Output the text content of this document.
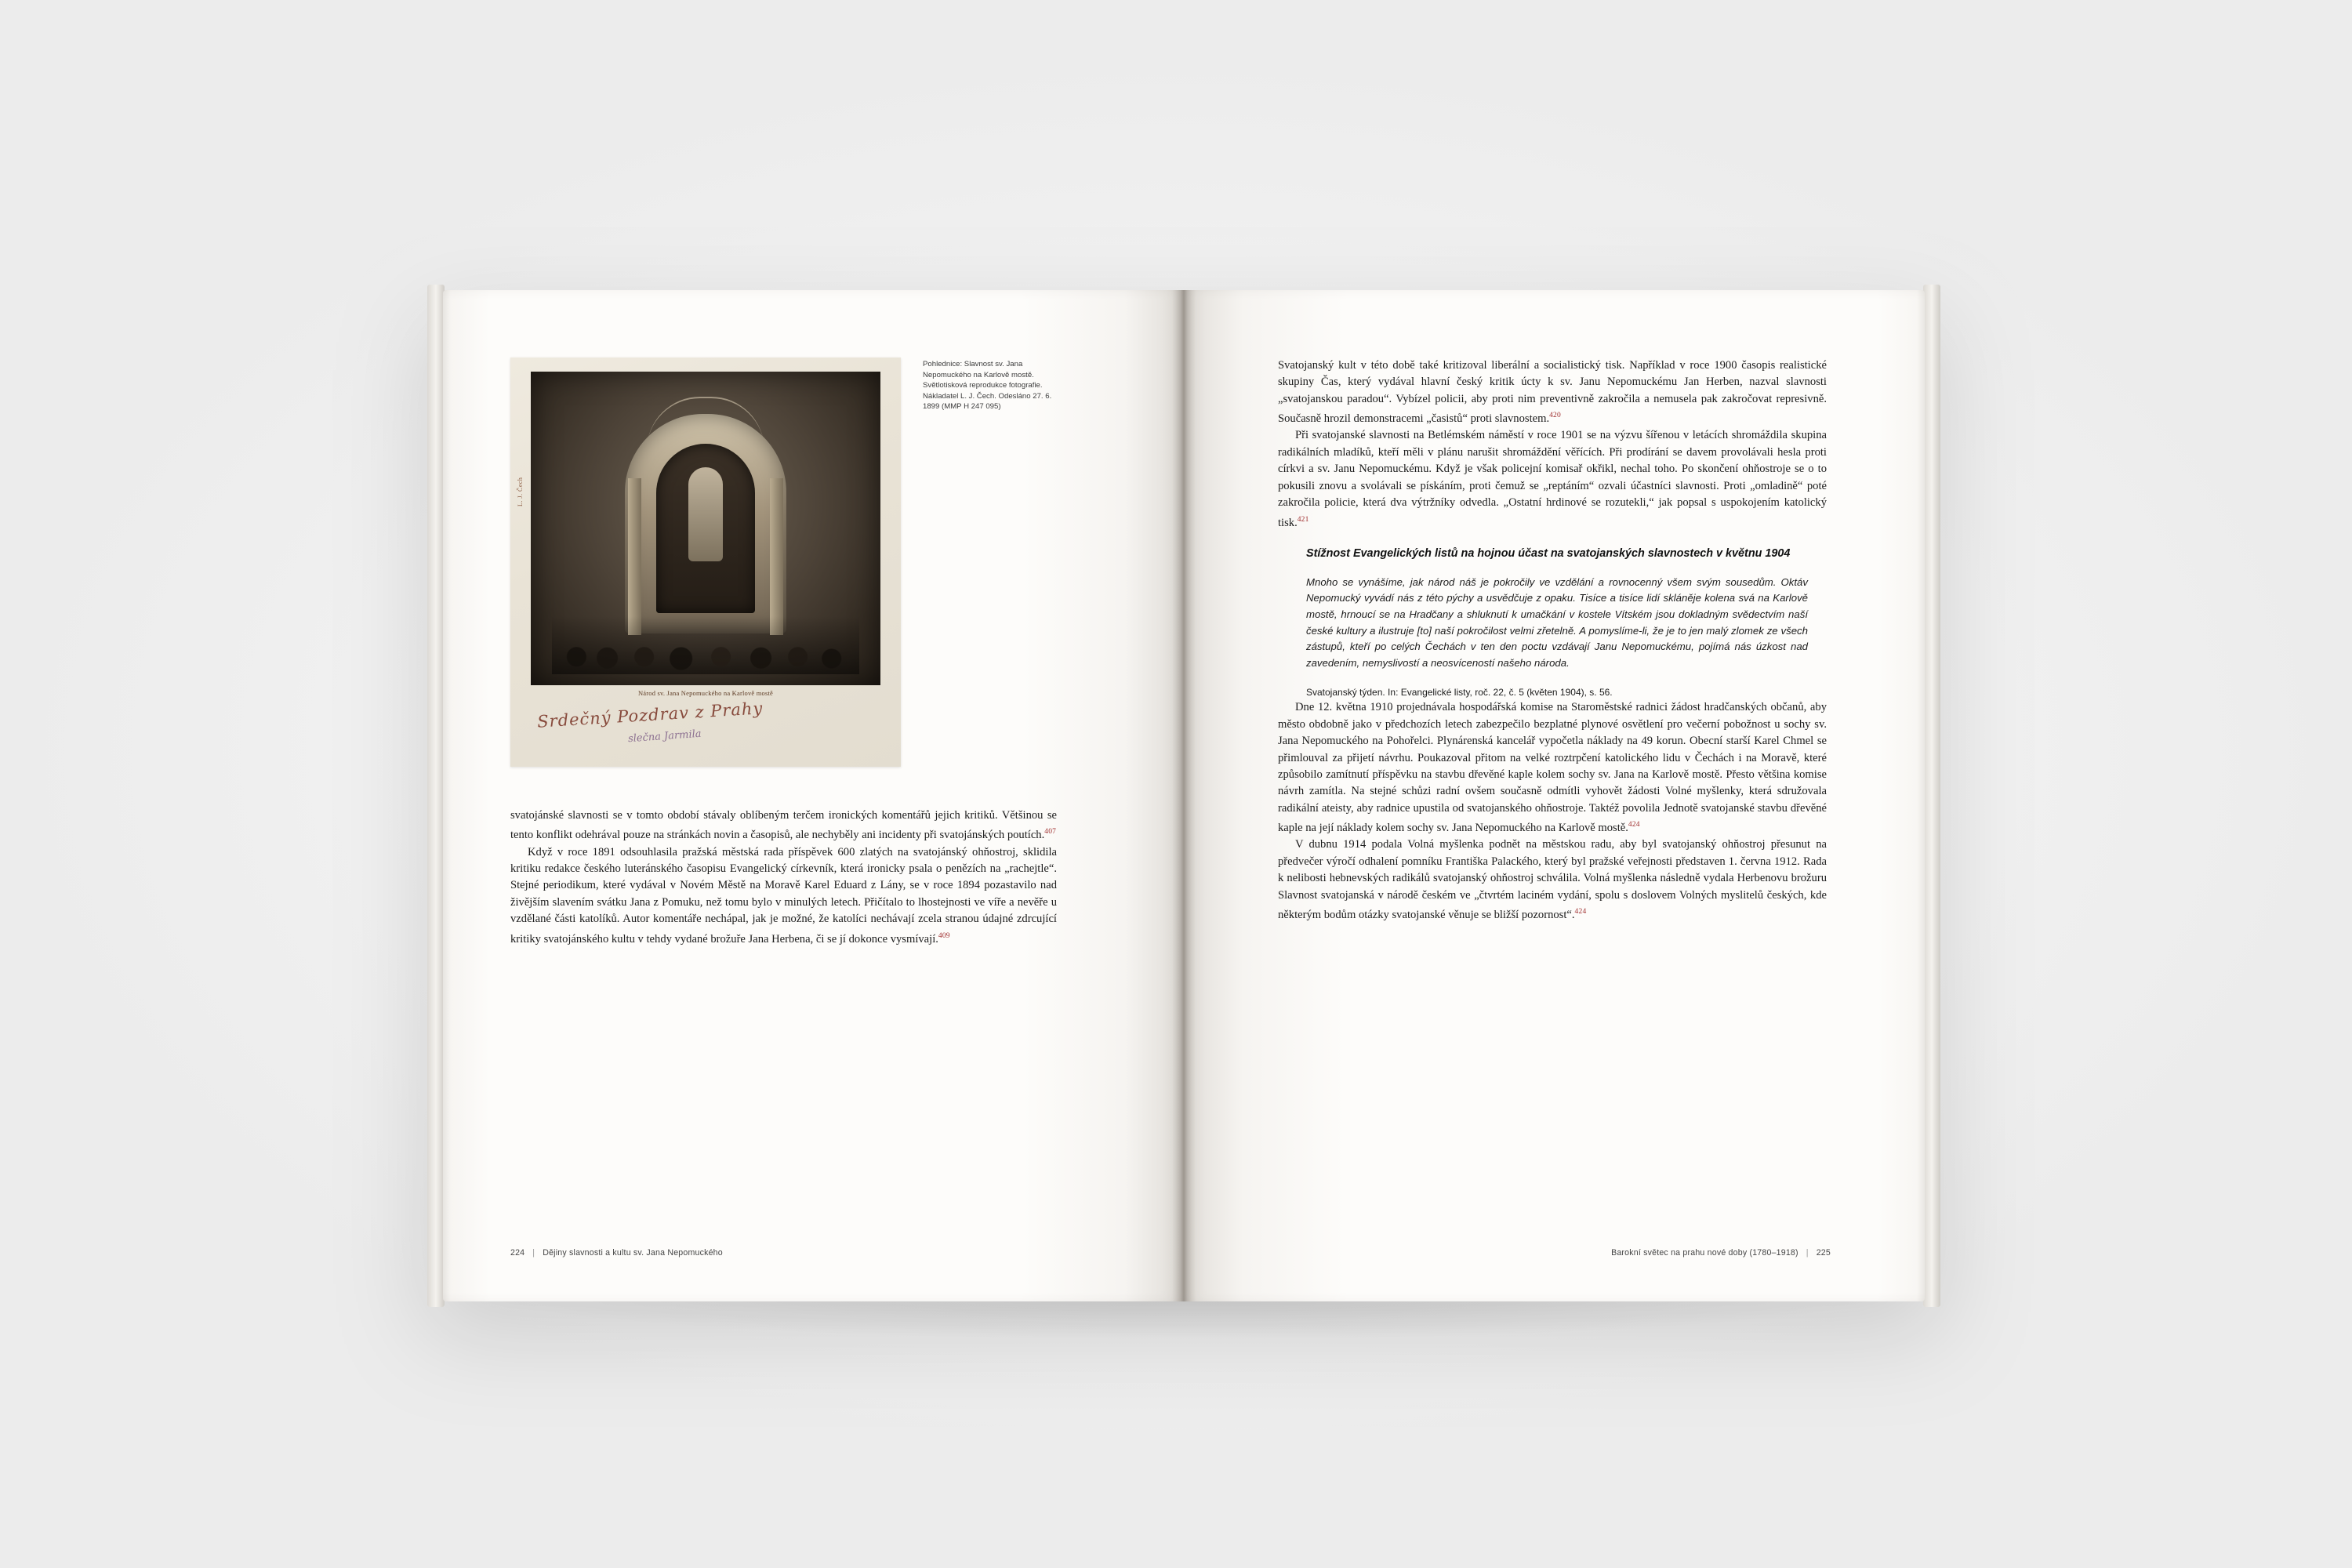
Národ sv. Jana Nepomuckého na Karlově mostě
Srdečný Pozdrav z Prahy
slečna Jarmila
L. J. Čech
Pohlednice: Slavnost sv. Jana Nepomuckého na Karlově mostě. Světlotisková reprodukce fotografie. Nákladatel L. J. Čech. Odesláno 27. 6. 1899 (MMP H 247 095)

svatojánské slavnosti se v tomto období stávaly oblíbeným terčem ironických komentářů jejich kritiků. Většinou se tento konflikt odehrával pouze na stránkách novin a časopisů, ale nechyběly ani incidenty při svatojánských poutích.$^{407}$

Když v roce 1891 odsouhlasila pražská městská rada příspěvek 600 zlatých na svatojánský ohňostroj, sklidila kritiku redakce českého luteránského časopisu Evangelický církevník, která ironicky psala o penězích na „rachejtle“. Stejné periodikum, které vydával v Novém Městě na Moravě Karel Eduard z Lány, se v roce 1894 pozastavilo nad živějším slavením svátku Jana z Pomuku, než tomu bylo v minulých letech. Přičítalo to lhostejnosti ve víře a nevěře u vzdělané části katolíků. Autor komentáře nechápal, jak je možné, že katolíci nechávají zcela stranou údajné zdrcující kritiky svatojánského kultu v tehdy vydané brožuře Jana Herbena, či se jí dokonce vysmívají.$^{409}$

224 | Dějiny slavnosti a kultu sv. Jana Nepomuckého

Svatojanský kult v této době také kritizoval liberální a socialistický tisk. Například v roce 1900 časopis realistické skupiny Čas, který vydával hlavní český kritik úcty k sv. Janu Nepomuckému Jan Herben, nazval slavnosti „svatojanskou paradou“. Vybízel policii, aby proti nim preventivně zakročila a nemusela pak zakročovat represivně. Současně hrozil demonstracemi „časistů“ proti slavnostem.$^{420}$

Při svatojanské slavnosti na Betlémském náměstí v roce 1901 se na výzvu šířenou v letácích shromáždila skupina radikálních mladíků, kteří měli v plánu narušit shromáždění věřících. Při prodírání se davem provolávali hesla proti církvi a sv. Janu Nepomuckému. Když je však policejní komisař okřikl, nechal toho. Po skončení ohňostroje se o to pokusili znovu a svolávali se pískáním, proti čemuž se „reptáním“ ozvali účastníci slavnosti. Proti „omladině“ poté zakročila policie, která dva výtržníky odvedla. „Ostatní hrdinové se rozutekli,“ jak popsal s uspokojením katolický tisk.$^{421}$

Stížnost Evangelických listů na hojnou účast na svatojanských slavnostech v květnu 1904
Mnoho se vynášíme, jak národ náš je pokročily ve vzdělání a rovnocenný všem svým sousedům. Oktáv Nepomucký vyvádí nás z této pýchy a usvědčuje z opaku. Tisíce a tisíce lidí skláněje kolena svá na Karlově mostě, hrnoucí se na Hradčany a shluknutí k umačkání v kostele Vítském jsou dokladným svědectvím naší české kultury a ilustruje [to] naší pokročilost velmi zřetelně. A pomyslíme-li, že je to jen malý zlomek ze všech zástupů, kteří po celých Čechách v ten den poctu vzdávají Janu Nepomuckému, pojímá nás úzkost nad zavedením, nemyslivostí a neosvíceností našeho národa.
Svatojanský týden. In: Evangelické listy, roč. 22, č. 5 (květen 1904), s. 56.

Dne 12. května 1910 projednávala hospodářská komise na Staroměstské radnici žádost hradčanských občanů, aby město obdobně jako v předchozích letech zabezpečilo bezplatné plynové osvětlení pro večerní pobožnost u sochy sv. Jana Nepomuckého na Pohořelci. Plynárenská kancelář vypočetla náklady na 49 korun. Obecní starší Karel Chmel se přimlouval za přijetí návrhu. Poukazoval přitom na velké roztrpčení katolického lidu v Čechách i na Moravě, které způsobilo zamítnutí příspěvku na stavbu dřevěné kaple kolem sochy sv. Jana na Karlově mostě. Přesto většina komise návrh zamítla. Na stejné schůzi radní ovšem současně odmítli vyhovět žádosti Volné myšlenky, která sdružovala radikální ateisty, aby radnice upustila od svatojanského ohňostroje. Taktéž povolila Jednotě svatojanské stavbu dřevěné kaple na její náklady kolem sochy sv. Jana Nepomuckého na Karlově mostě.$^{424}$

V dubnu 1914 podala Volná myšlenka podnět na městskou radu, aby byl svatojanský ohňostroj přesunut na předvečer výročí odhalení pomníku Františka Palackého, který byl pražské veřejnosti představen 1. června 1912. Rada k nelibosti hebnevských radikálů svatojanský ohňostroj schválila. Volná myšlenka následně vydala Herbenovu brožuru Slavnost svatojanská v národě českém ve „čtvrtém laciném vydání, spolu s doslovem Volných myslitelů českých, kde některým bodům otázky svatojanské věnuje se bližší pozornost“.$^{424}$

Barokní světec na prahu nové doby (1780–1918) | 225
